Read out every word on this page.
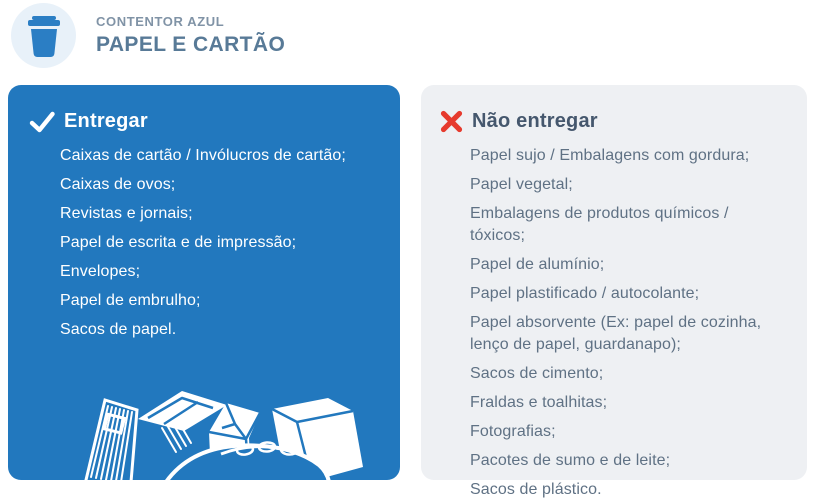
CONTENTOR AZUL
PAPEL E CARTÃO
Entregar
Caixas de cartão / Invólucros de cartão;
Caixas de ovos;
Revistas e jornais;
Papel de escrita e de impressão;
Envelopes;
Papel de embrulho;
Sacos de papel.
Não entregar
Papel sujo / Embalagens com gordura;
Papel vegetal;
Embalagens de produtos químicos / tóxicos;
Papel de alumínio;
Papel plastificado / autocolante;
Papel absorvente (Ex: papel de cozinha, lenço de papel, guardanapo);
Sacos de cimento;
Fraldas e toalhitas;
Fotografias;
Pacotes de sumo e de leite;
Sacos de plástico.
